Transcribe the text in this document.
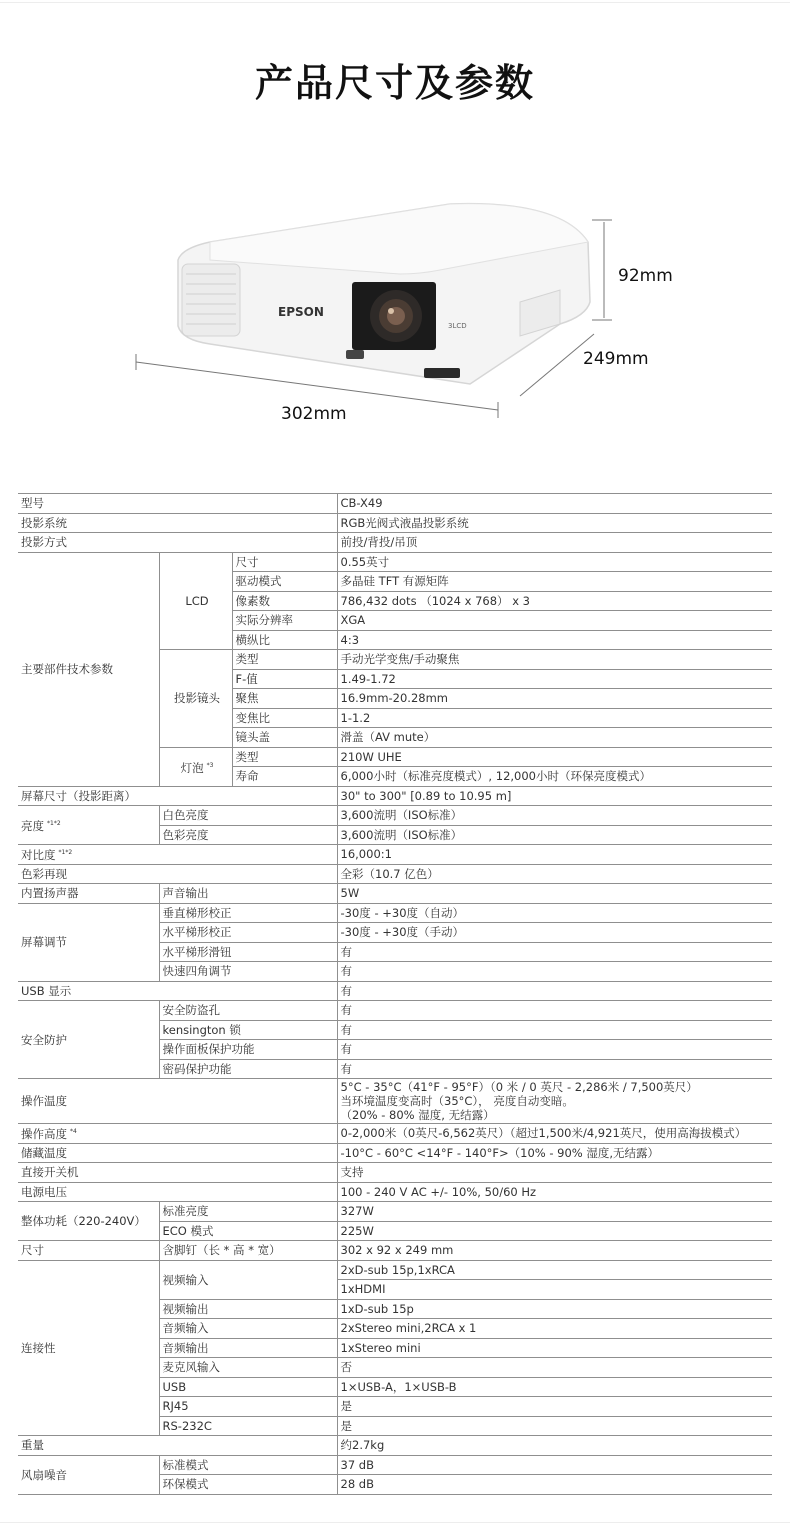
产品尺寸及参数
3LCD
EPSON
92mm
249mm
302mm
型号			CB-X49
投影系统			RGB光阀式液晶投影系统
投影方式			前投/背投/吊顶
主要部件技术参数	LCD	尺寸	0.55英寸
		驱动模式	多晶硅 TFT 有源矩阵
		像素数	786,432 dots （1024 x 768） x 3
		实际分辨率	XGA
		横纵比	4:3
	投影镜头	类型	手动光学变焦/手动聚焦
		F-值	1.49-1.72
		聚焦	16.9mm-20.28mm
		变焦比	1-1.2
		镜头盖	滑盖（AV mute）
	灯泡 $^{*3}$	类型	210W UHE
		寿命	6,000小时（标准亮度模式）, 12,000小时（环保亮度模式）
屏幕尺寸（投影距离）			30" to 300" [0.89 to 10.95 m]
亮度 $^{*1*2}$	白色亮度		3,600流明（ISO标准）
	色彩亮度		3,600流明（ISO标准）
对比度 $^{*1*2}$			16,000:1
色彩再现			全彩（10.7 亿色）
内置扬声器	声音输出		5W
屏幕调节	垂直梯形校正		-30度 - +30度（自动）
	水平梯形校正		-30度 - +30度（手动）
	水平梯形滑钮		有
	快速四角调节		有
USB 显示			有
安全防护	安全防盗孔		有
	kensington 锁		有
	操作面板保护功能		有
	密码保护功能		有
操作温度			5°C - 35°C（41°F - 95°F）（0 米 / 0 英尺 - 2,286米 / 7,500英尺）
当环境温度变高时（35°C）， 亮度自动变暗。
（20% - 80% 湿度, 无结露）

操作高度 $^{*4}$			0-2,000米（0英尺-6,562英尺）（超过1,500米/4,921英尺，使用高海拔模式）
储藏温度			-10°C - 60°C <14°F - 140°F>（10% - 90% 湿度,无结露）
直接开关机			支持
电源电压			100 - 240 V AC +/- 10%, 50/60 Hz
整体功耗（220-240V）	标准亮度		327W
	ECO 模式		225W
尺寸	含脚钉（长 * 高 * 宽）		302 x 92 x 249 mm
连接性	视频输入		2xD-sub 15p,1xRCA
			1xHDMI
	视频输出		1xD-sub 15p
	音频输入		2xStereo mini,2RCA x 1
	音频输出		1xStereo mini
	麦克风输入		否
	USB		1×USB-A，1×USB-B
	RJ45		是
	RS-232C		是
重量			约2.7kg
风扇噪音	标准模式		37 dB
	环保模式		28 dB
